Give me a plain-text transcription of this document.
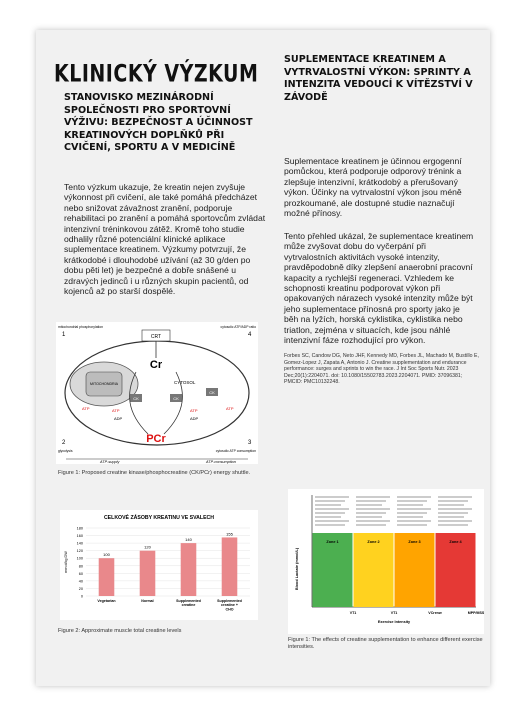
KLINICKÝ VÝZKUM
STANOVISKO MEZINÁRODNÍ SPOLEČNOSTI PRO SPORTOVNÍ VÝŽIVU: BEZPEČNOST A ÚČINNOST KREATINOVÝCH DOPLŇKŮ PŘI CVIČENÍ, SPORTU A V MEDICÍNĚ

Tento výzkum ukazuje, že kreatin nejen zvyšuje výkonnost při cvičení, ale také pomáhá předcházet nebo snižovat závažnost zranění, podporuje rehabilitaci po zranění a pomáhá sportovcům zvládat intenzivní tréninkovou zátěž. Kromě toho studie odhalily různé potenciální klinické aplikace suplementace kreatinem. Výzkumy potvrzují, že krátkodobé i dlouhodobé užívání (až 30 g/den po dobu pěti let) je bezpečné a dobře snášené u zdravých jedinců i u různých skupin pacientů, od kojenců až po starší dospělé.

SUPLEMENTACE KREATINEM A VYTRVALOSTNÍ VÝKON: SPRINTY A INTENZITA VEDOUCÍ K VÍTĚZSTVÍ V ZÁVODĚ

Suplementace kreatinem je účinnou ergogenní pomůckou, která podporuje odporový trénink a zlepšuje intenzivní, krátkodobý a přerušovaný výkon. Účinky na vytrvalostní výkon jsou méně prozkoumané, ale dostupné studie naznačují možné přínosy.

Tento přehled ukázal, že suplementace kreatinem může zvyšovat dobu do vyčerpání při vytrvalostních aktivitách vysoké intenzity, pravděpodobně díky zlepšení anaerobní pracovní kapacity a rychlejší regeneraci. Vzhledem ke schopnosti kreatinu podporovat výkon při opakovaných nárazech vysoké intenzity může být jeho suplementace přínosná pro sporty jako je běh na lyžích, horská cyklistika, cyklistika nebo triatlon, zejména v situacích, kde jsou náhlé intenzivní fáze rozhodující pro výkon.

Forbes SC, Candow DG, Neto JHF, Kennedy MD, Forbes JL, Machado M, Bustillo E, Gomez-Lopez J, Zapata A, Antonio J. Creatine supplementation and endurance performance: surges and sprints to win the race. J Int Soc Sports Nutr. 2023 Dec;20(1):2204071. doi: 10.1080/15502783.2023.2204071. PMID: 37096381; PMCID: PMC10132248.

CRT
Cr
PCr
CYTOSOL
MITOCHONDRIA
CK	CK
CK
ATP
ADP
ATP
ADP
ATP	ATP
1	4
2	3
mitochondrial phosphorylation	cytosolic ATP/ADP ratio
glycolysis	cytosolic ATP consumption
ATP-supply	ATP-consumption

Figure 1: Proposed creatine kinase/phosphocreatine (CK/PCr) energy shuttle.

CELKOVÉ ZÁSOBY KREATINU VE SVALECH
0
20
40
60
80
100
120
140
160
180
mmol/kg DW	100
Vegetarian
120
Normal
140
Supplemented creatine
155
Supplemented creatine + CHO

Figure 2: Approximate muscle total creatine levels

Zone 1	Zone 2	Zone 3	Zone 4
VT1	VT1	VCrenw	MPP/MSS
Exercise Intensity
Blood Lactate (mmol/L)

Figure 1: The effects of creatine supplementation to enhance different exercise intensities.
